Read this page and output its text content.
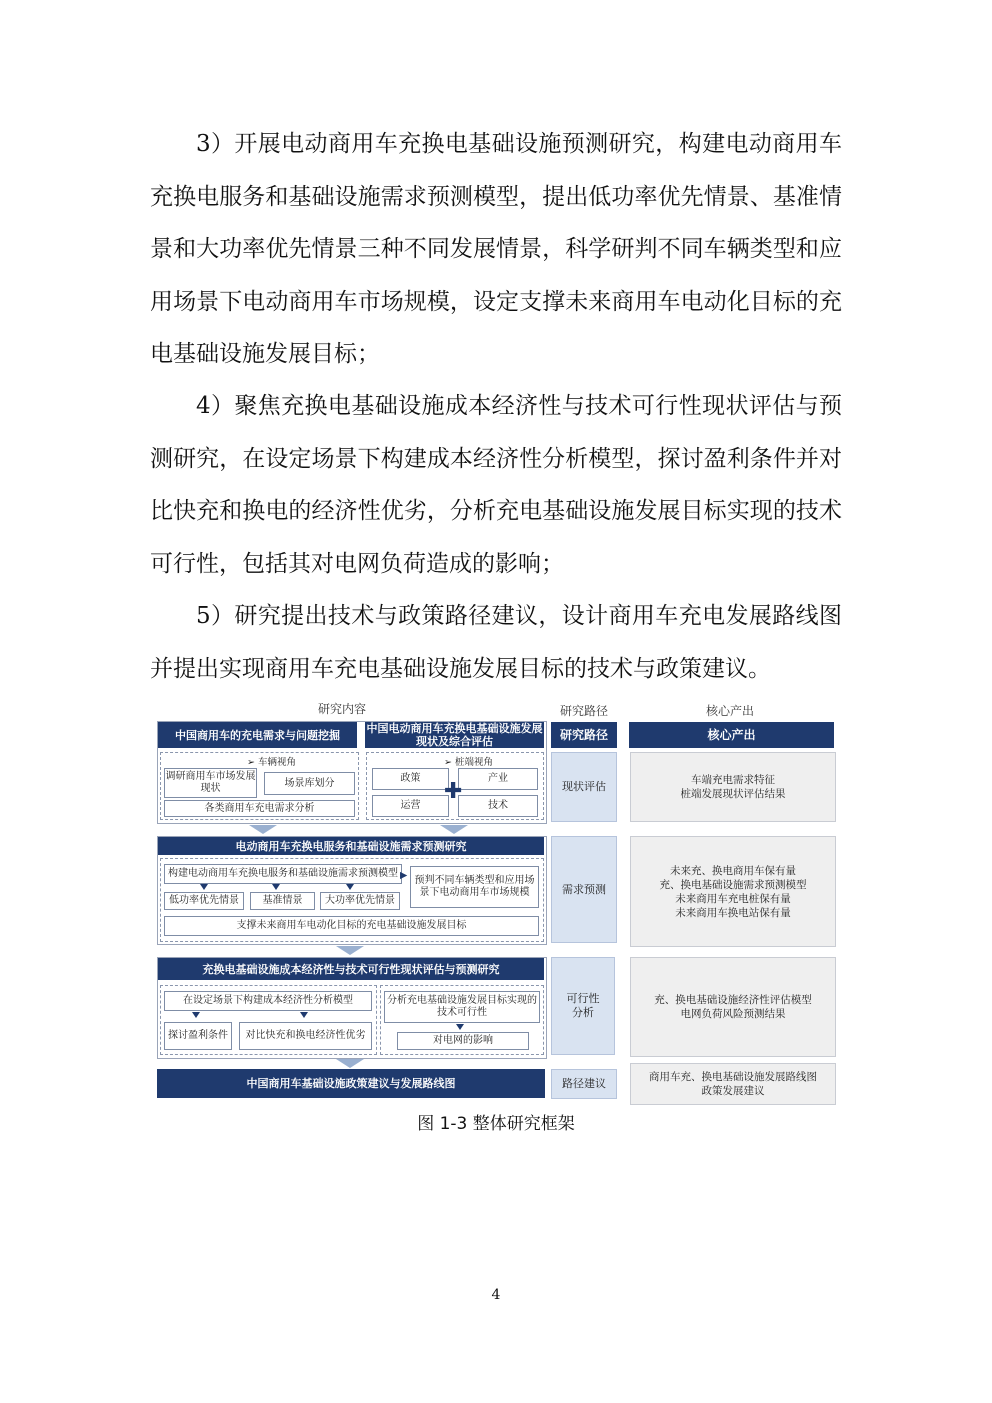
3）开展电动商用车充换电基础设施预测研究，构建电动商用车充换电服务和基础设施需求预测模型，提出低功率优先情景、基准情景和大功率优先情景三种不同发展情景，科学研判不同车辆类型和应用场景下电动商用车市场规模，设定支撑未来商用车电动化目标的充电基础设施发展目标；

4）聚焦充换电基础设施成本经济性与技术可行性现状评估与预测研究，在设定场景下构建成本经济性分析模型，探讨盈利条件并对比快充和换电的经济性优劣，分析充电基础设施发展目标实现的技术可行性，包括其对电网负荷造成的影响；

5）研究提出技术与政策路径建议，设计商用车充电发展路线图并提出实现商用车充电基础设施发展目标的技术与政策建议。

研究内容	研究路径	核心产出
中国商用车的充电需求与问题挖掘	中国电动商用车充换电基础设施发展现状及综合评估
➢ 车辆视角
调研商用车市场发展现状	场景库划分
各类商用车充电需求分析
➢ 桩端视角
政策	产业
运营	技术
✚
电动商用车充换电服务和基础设施需求预测研究
构建电动商用车充换电服务和基础设施需求预测模型
预判不同车辆类型和应用场景下电动商用车市场规模
▶
低功率优先情景	基准情景	大功率优先情景
支撑未来商用车电动化目标的充电基础设施发展目标
充换电基础设施成本经济性与技术可行性现状评估与预测研究
在设定场景下构建成本经济性分析模型
探讨盈利条件	对比快充和换电经济性优劣
分析充电基础设施发展目标实现的技术可行性
对电网的影响
中国商用车基础设施政策建议与发展路线图
研究路径
现状评估
需求预测
可行性分析
路径建议
核心产出
车端充电需求特征
桩端发展现状评估结果
未来充、换电商用车保有量
充、换电基础设施需求预测模型
未来商用车充电桩保有量
未来商用车换电站保有量
充、换电基础设施经济性评估模型
电网负荷风险预测结果
商用车充、换电基础设施发展路线图
政策发展建议
图 1-3 整体研究框架
4
